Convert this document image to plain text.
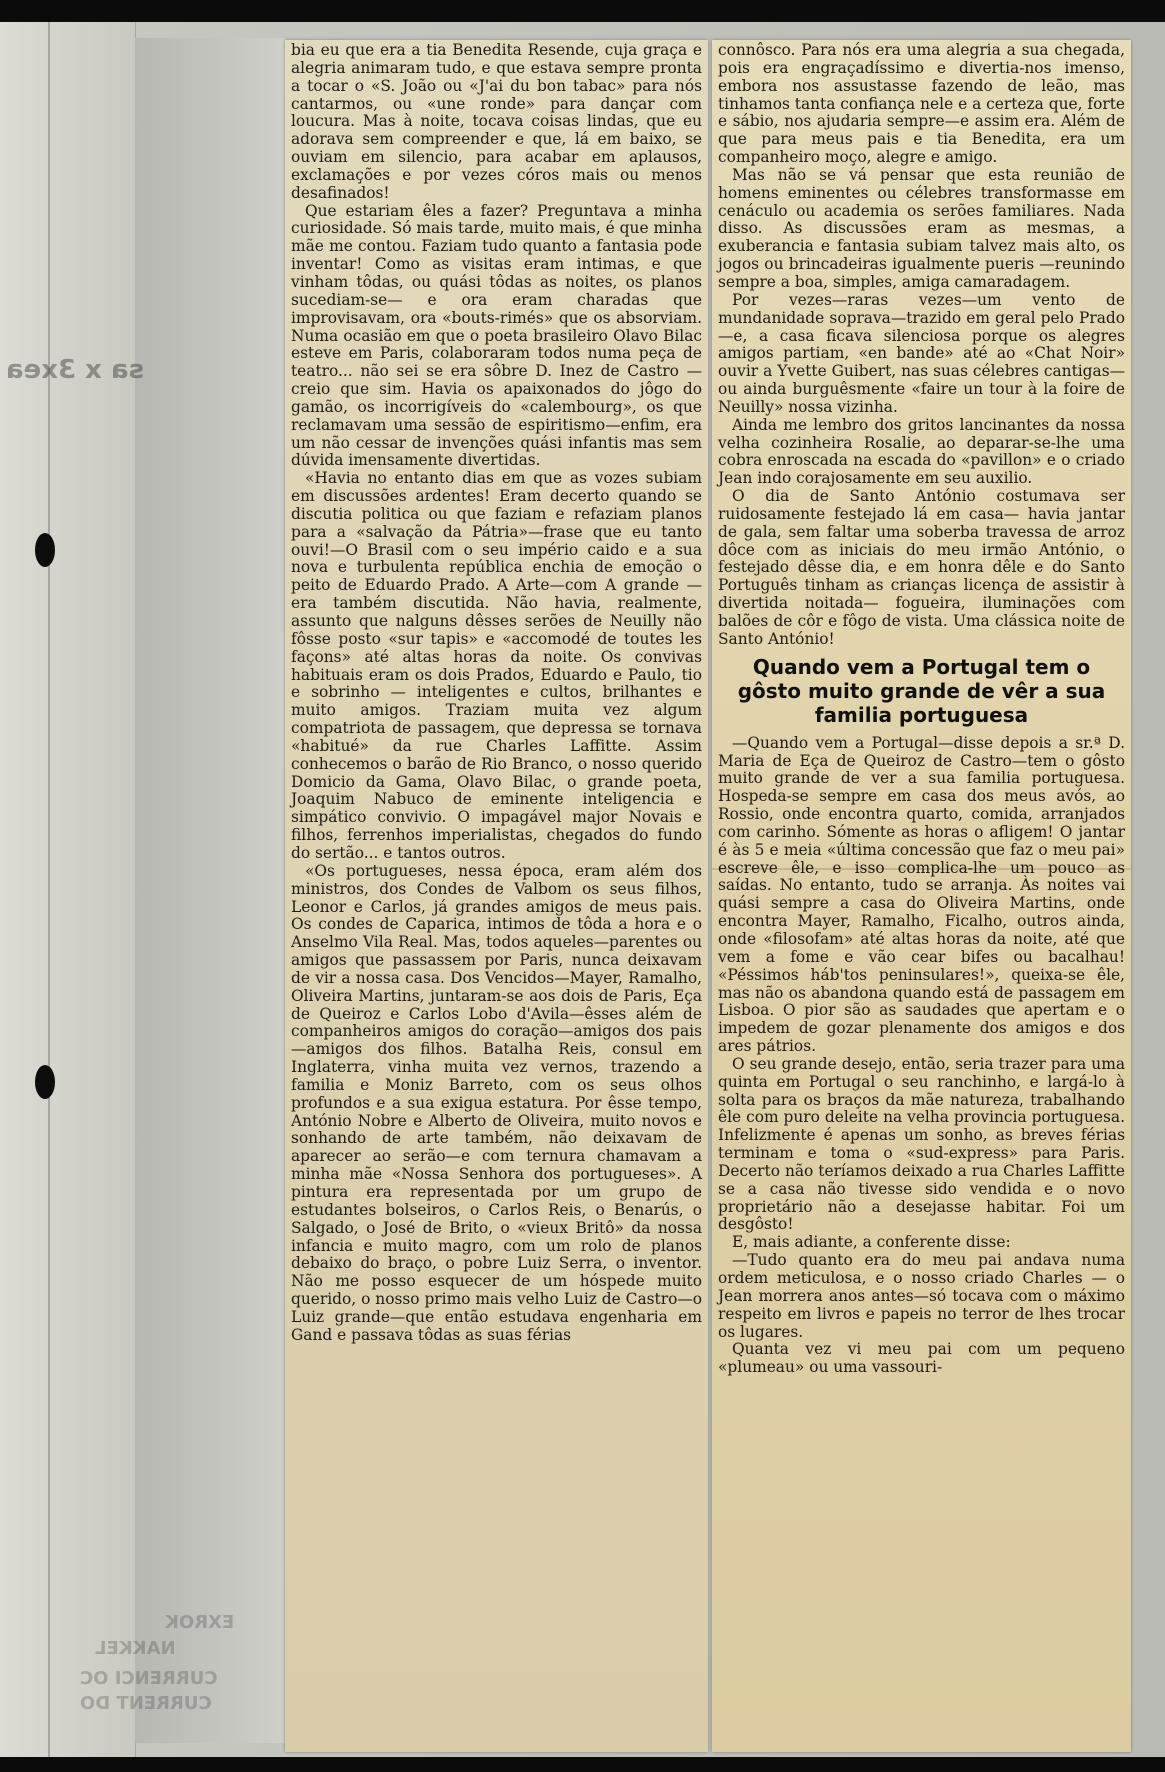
sa x 3xea

EXROK

NAKKEL

CURRENCI OC

CURRENT DO

bia eu que era a tia Benedita Resende, cuja graça e alegria animaram tudo, e que estava sempre pronta a tocar o «S. João ou «J'ai du bon tabac» para nós cantarmos, ou «une ronde» para dançar com loucura. Mas à noite, tocava coisas lindas, que eu adorava sem compreender e que, lá em baixo, se ouviam em silencio, para acabar em aplausos, exclamações e por vezes córos mais ou menos desafinados!

Que estariam êles a fazer? Preguntava a minha curiosidade. Só mais tarde, muito mais, é que minha mãe me contou. Faziam tudo quanto a fantasia pode inventar! Como as visitas eram intimas, e que vinham tôdas, ou quási tôdas as noites, os planos sucediam-se— e ora eram charadas que improvisavam, ora «bouts-rimés» que os absorviam. Numa ocasião em que o poeta brasileiro Olavo Bilac esteve em Paris, colaboraram todos numa peça de teatro... não sei se era sôbre D. Inez de Castro —creio que sim. Havia os apaixonados do jôgo do gamão, os incorrigíveis do «calembourg», os que reclamavam uma sessão de espiritismo—enfim, era um não cessar de invenções quási infantis mas sem dúvida imensamente divertidas.

«Havia no entanto dias em que as vozes subiam em discussões ardentes! Eram decerto quando se discutia politica ou que faziam e refaziam planos para a «salvação da Pátria»—frase que eu tanto ouvi!—O Brasil com o seu império caido e a sua nova e turbulenta república enchia de emoção o peito de Eduardo Prado. A Arte—com A grande —era também discutida. Não havia, realmente, assunto que nalguns dêsses serões de Neuilly não fôsse posto «sur tapis» e «accomodé de toutes les façons» até altas horas da noite. Os convivas habituais eram os dois Prados, Eduardo e Paulo, tio e sobrinho — inteligentes e cultos, brilhantes e muito amigos. Traziam muita vez algum compatriota de passagem, que depressa se tornava «habitué» da rue Charles Laffitte. Assim conhecemos o barão de Rio Branco, o nosso querido Domicio da Gama, Olavo Bilac, o grande poeta, Joaquim Nabuco de eminente inteligencia e simpático convivio. O impagável major Novais e filhos, ferrenhos imperialistas, chegados do fundo do sertão... e tantos outros.

«Os portugueses, nessa época, eram além dos ministros, dos Condes de Valbom os seus filhos, Leonor e Carlos, já grandes amigos de meus pais. Os condes de Caparica, intimos de tôda a hora e o Anselmo Vila Real. Mas, todos aqueles—parentes ou amigos que passassem por Paris, nunca deixavam de vir a nossa casa. Dos Vencidos—Mayer, Ramalho, Oliveira Martins, juntaram-se aos dois de Paris, Eça de Queiroz e Carlos Lobo d'Avila—êsses além de companheiros amigos do coração—amigos dos pais —amigos dos filhos. Batalha Reis, consul em Inglaterra, vinha muita vez vernos, trazendo a familia e Moniz Barreto, com os seus olhos profundos e a sua exigua estatura. Por êsse tempo, António Nobre e Alberto de Oliveira, muito novos e sonhando de arte também, não deixavam de aparecer ao serão—e com ternura chamavam a minha mãe «Nossa Senhora dos portugueses». A pintura era representada por um grupo de estudantes bolseiros, o Carlos Reis, o Benarús, o Salgado, o José de Brito, o «vieux Britô» da nossa infancia e muito magro, com um rolo de planos debaixo do braço, o pobre Luiz Serra, o inventor. Não me posso esquecer de um hóspede muito querido, o nosso primo mais velho Luiz de Castro—o Luiz grande—que então estudava engenharia em Gand e passava tôdas as suas férias

connôsco. Para nós era uma alegria a sua chegada, pois era engraçadíssimo e divertia-nos imenso, embora nos assustasse fazendo de leão, mas tinhamos tanta confiança nele e a certeza que, forte e sábio, nos ajudaria sempre—e assim era. Além de que para meus pais e tia Benedita, era um companheiro moço, alegre e amigo.

Mas não se vá pensar que esta reunião de homens eminentes ou célebres transformasse em cenáculo ou academia os serões familiares. Nada disso. As discussões eram as mesmas, a exuberancia e fantasia subiam talvez mais alto, os jogos ou brincadeiras igualmente pueris —reunindo sempre a boa, simples, amiga camaradagem.

Por vezes—raras vezes—um vento de mundanidade soprava—trazido em geral pelo Prado—e, a casa ficava silenciosa porque os alegres amigos partiam, «en bande» até ao «Chat Noir» ouvir a Yvette Guibert, nas suas célebres cantigas—ou ainda burguêsmente «faire un tour à la foire de Neuilly» nossa vizinha.

Ainda me lembro dos gritos lancinantes da nossa velha cozinheira Rosalie, ao deparar-se-lhe uma cobra enroscada na escada do «pavillon» e o criado Jean indo corajosamente em seu auxilio.

O dia de Santo António costumava ser ruidosamente festejado lá em casa— havia jantar de gala, sem faltar uma soberba travessa de arroz dôce com as iniciais do meu irmão António, o festejado dêsse dia, e em honra dêle e do Santo Português tinham as crianças licença de assistir à divertida noitada— fogueira, iluminações com balões de côr e fôgo de vista. Uma clássica noite de Santo António!

Quando vem a Portugal tem o gôsto muito grande de vêr a sua familia portuguesa

—Quando vem a Portugal—disse depois a sr.ª D. Maria de Eça de Queiroz de Castro—tem o gôsto muito grande de ver a sua familia portuguesa. Hospeda-se sempre em casa dos meus avós, ao Rossio, onde encontra quarto, comida, arranjados com carinho. Sómente as horas o afligem! O jantar é às 5 e meia «última concessão que faz o meu pai» escreve êle, e isso complica-lhe um pouco as saídas. No entanto, tudo se arranja. Às noites vai quási sempre a casa do Oliveira Martins, onde encontra Mayer, Ramalho, Ficalho, outros ainda, onde «filosofam» até altas horas da noite, até que vem a fome e vão cear bifes ou bacalhau! «Péssimos háb'tos peninsulares!», queixa-se êle, mas não os abandona quando está de passagem em Lisboa. O pior são as saudades que apertam e o impedem de gozar plenamente dos amigos e dos ares pátrios.

O seu grande desejo, então, seria trazer para uma quinta em Portugal o seu ranchinho, e largá-lo à solta para os braços da mãe natureza, trabalhando êle com puro deleite na velha provincia portuguesa. Infelizmente é apenas um sonho, as breves férias terminam e toma o «sud-express» para Paris. Decerto não teríamos deixado a rua Charles Laffitte se a casa não tivesse sido vendida e o novo proprietário não a desejasse habitar. Foi um desgôsto!

E, mais adiante, a conferente disse:

—Tudo quanto era do meu pai andava numa ordem meticulosa, e o nosso criado Charles — o Jean morrera anos antes—só tocava com o máximo respeito em livros e papeis no terror de lhes trocar os lugares.

Quanta vez vi meu pai com um pequeno «plumeau» ou uma vassouri-
